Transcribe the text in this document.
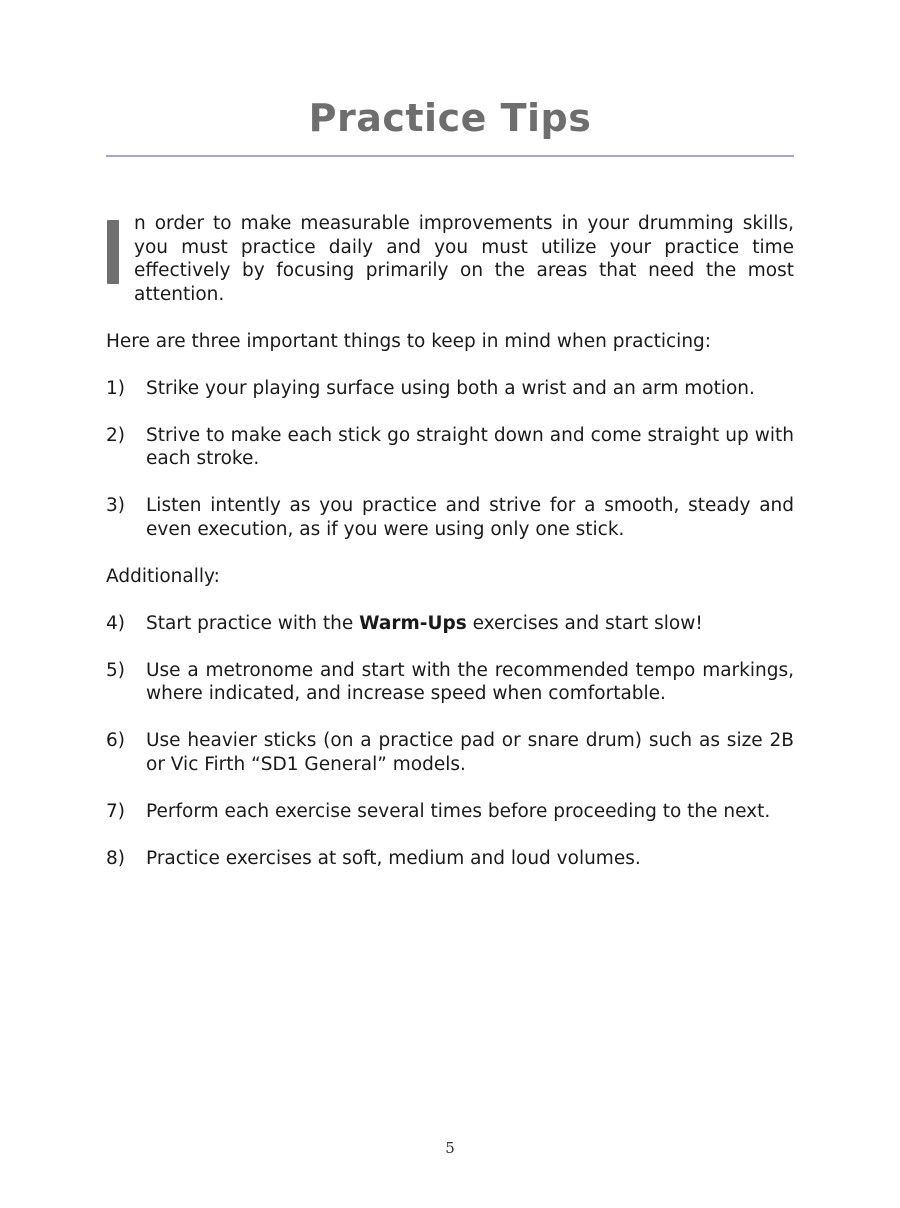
Practice Tips

n order to make measurable improvements in your drumming skills, you must practice daily and you must utilize your practice time effectively by focusing primarily on the areas that need the most attention.

Here are three important things to keep in mind when practicing:

1)	Strike your playing surface using both a wrist and an arm motion.
2)	Strive to make each stick go straight down and come straight up with each stroke.
3)	Listen intently as you practice and strive for a smooth, steady and even execution, as if you were using only one stick.

Additionally:

4)	Start practice with the Warm-Ups exercises and start slow!
5)	Use a metronome and start with the recommended tempo markings, where indicated, and increase speed when comfortable.
6)	Use heavier sticks (on a practice pad or snare drum) such as size 2B or Vic Firth “SD1 General” models.
7)	Perform each exercise several times before proceeding to the next.
8)	Practice exercises at soft, medium and loud volumes.
5
